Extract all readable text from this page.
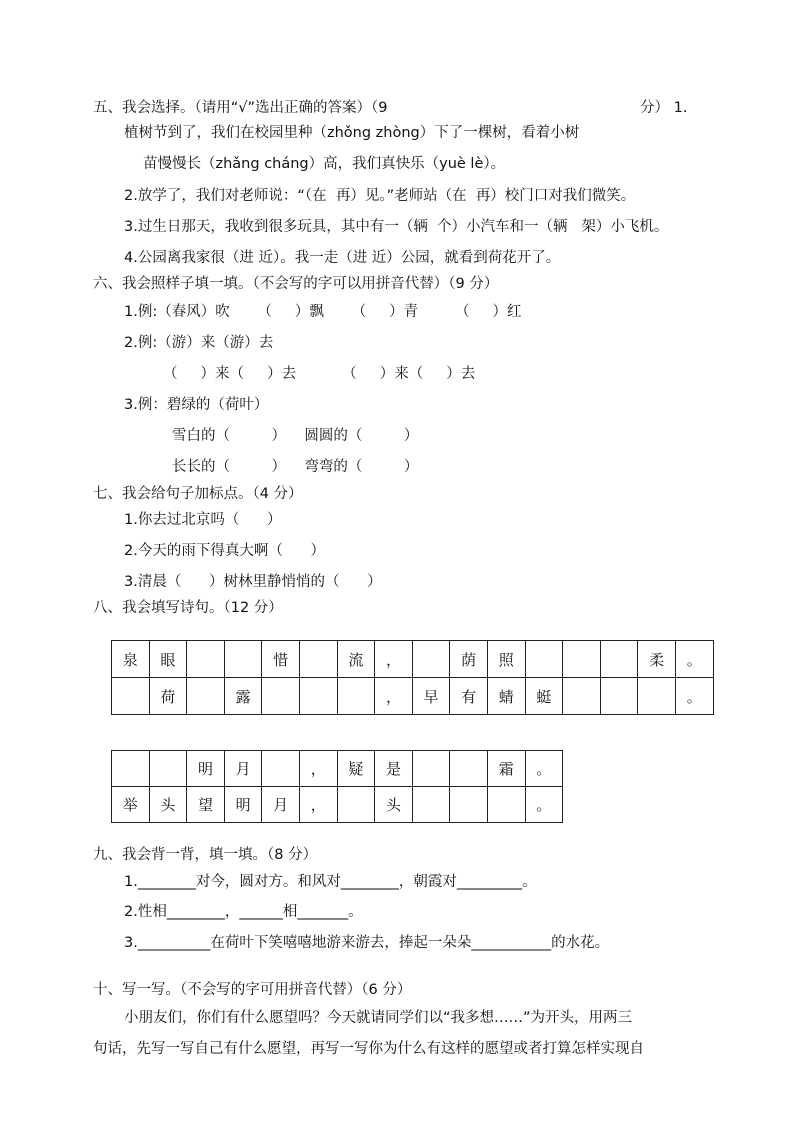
五、我会选择。（请用“√”选出正确的答案）（9	分） 1.
植树节到了，我们在校园里种（zhǒng zhòng）下了一棵树，看着小树
苗慢慢长（zhǎng cháng）高，我们真快乐（yuè lè）。
2.放学了，我们对老师说：“（在  再）见。”老师站（在  再）校门口对我们微笑。
3.过生日那天，我收到很多玩具，其中有一（辆  个）小汽车和一（辆   架）小飞机。
4.公园离我家很（进 近）。我一走（进 近）公园，就看到荷花开了。
六、我会照样子填一填。（不会写的字可以用拼音代替）（9 分）
1.例:（春风）吹      （     ）飘      （     ）青        （     ）红
2.例:（游）来（游）去
（     ）来（     ）去          （     ）来（     ）去
3.例：碧绿的（荷叶）
雪白的（         ）    圆圆的（         ）
长长的（         ）    弯弯的（         ）
七、我会给句子加标点。（4 分）
1.你去过北京吗（      ）
2.今天的雨下得真大啊（      ）
3.清晨（      ）树林里静悄悄的（      ）
八、我会填写诗句。（12 分）
泉	眼			惜		流	，		荫	照				柔	。
	荷		露				，	早	有	蜻	蜓				。
		明	月		，	疑	是			霜	。
举	头	望	明	月	，		头				。
九、我会背一背，填一填。（8 分）
1.________对今，圆对方。和风对________，朝霞对_________。
2.性相________，______相_______。
3.__________在荷叶下笑嘻嘻地游来游去，捧起一朵朵___________的水花。
十、写一写。（不会写的字可用拼音代替）（6 分）
小朋友们，你们有什么愿望吗？今天就请同学们以“我多想……”为开头，用两三
句话，先写一写自己有什么愿望，再写一写你为什么有这样的愿望或者打算怎样实现自
